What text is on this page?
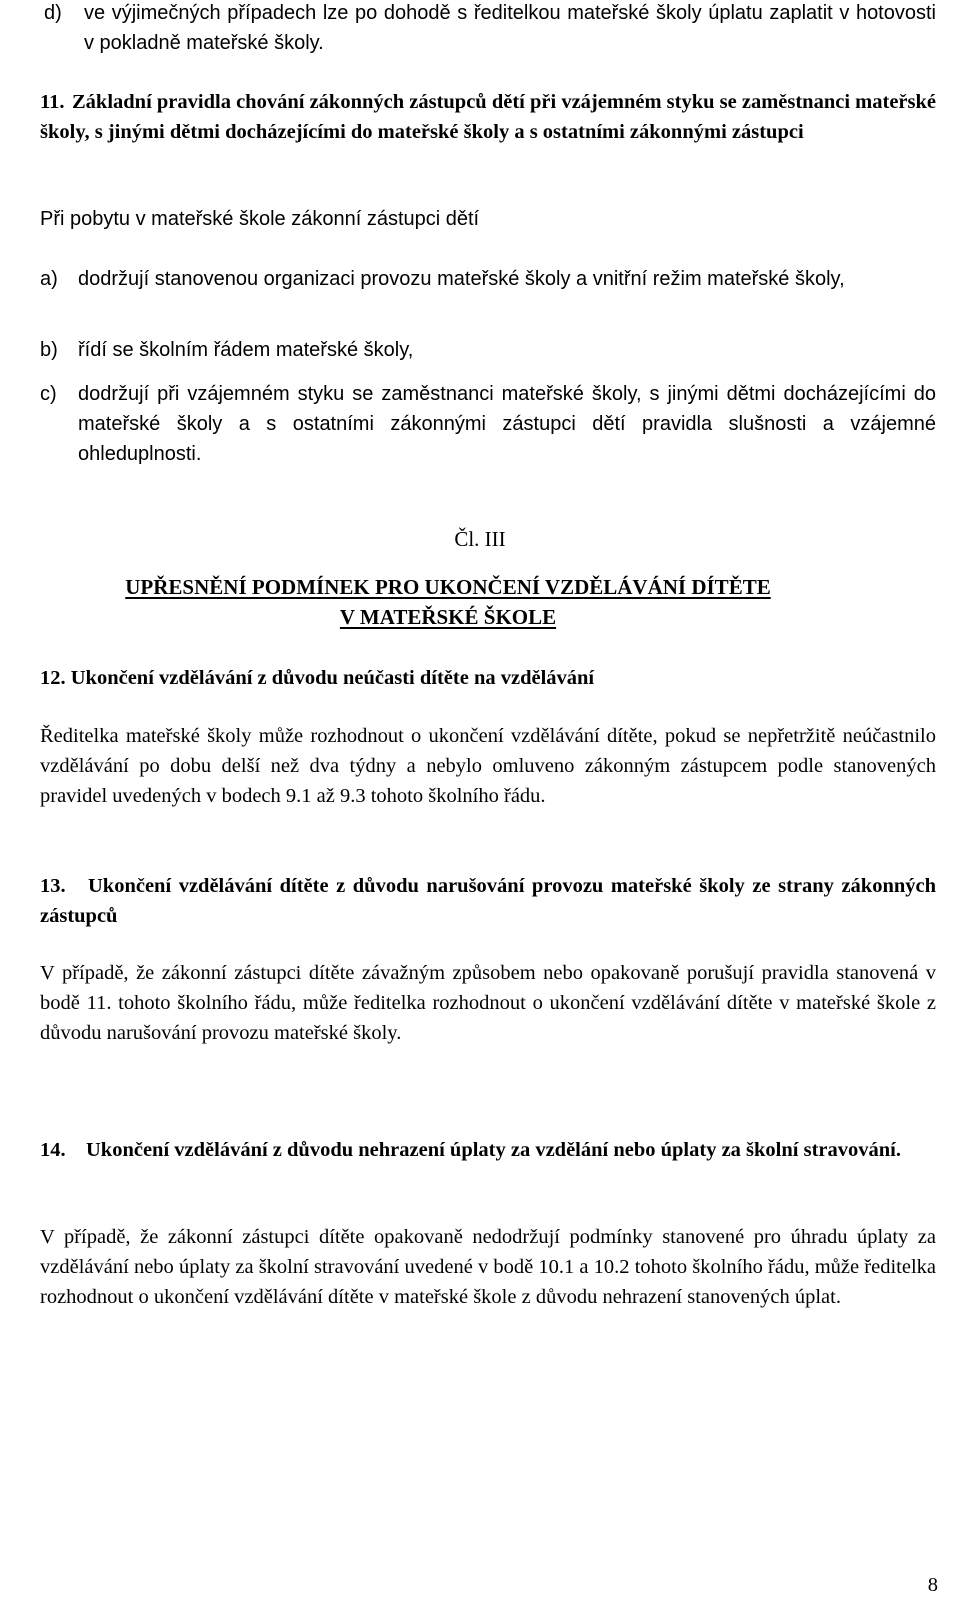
d) ve výjimečných případech lze po dohodě s ředitelkou mateřské školy úplatu zaplatit v hotovosti v pokladně mateřské školy.
11. Základní pravidla chování zákonných zástupců dětí při vzájemném styku se zaměstnanci mateřské školy, s jinými dětmi docházejícími do mateřské školy a s ostatními zákonnými zástupci
Při pobytu v mateřské škole zákonní zástupci dětí
a) dodržují stanovenou organizaci provozu mateřské školy a vnitřní režim mateřské školy,
b) řídí se školním řádem mateřské školy,
c) dodržují při vzájemném styku se zaměstnanci mateřské školy, s jinými dětmi docházejícími do mateřské školy a s ostatními zákonnými zástupci dětí pravidla slušnosti a vzájemné ohleduplnosti.
Čl. III
UPŘESNĚNÍ PODMÍNEK PRO UKONČENÍ VZDĚLÁVÁNÍ DÍTĚTE
V MATEŘSKÉ ŠKOLE
12. Ukončení vzdělávání z důvodu neúčasti dítěte na vzdělávání
Ředitelka mateřské školy může rozhodnout o ukončení vzdělávání dítěte, pokud se nepřetržitě neúčastnilo vzdělávání po dobu delší než dva týdny a nebylo omluveno zákonným zástupcem podle stanovených pravidel uvedených v bodech 9.1 až 9.3 tohoto školního řádu.
13.	Ukončení vzdělávání dítěte z důvodu narušování provozu mateřské školy ze strany zákonných zástupců
V případě, že zákonní zástupci dítěte závažným způsobem nebo opakovaně porušují pravidla stanovená v bodě 11. tohoto školního řádu, může ředitelka rozhodnout o ukončení vzdělávání dítěte v mateřské škole z důvodu narušování provozu mateřské školy.
14. Ukončení vzdělávání z důvodu nehrazení úplaty za vzdělání nebo úplaty za školní stravování.
V případě, že zákonní zástupci dítěte opakovaně nedodržují podmínky stanovené pro úhradu úplaty za vzdělávání nebo úplaty za školní stravování uvedené v bodě 10.1 a 10.2 tohoto školního řádu, může ředitelka rozhodnout o ukončení vzdělávání dítěte v mateřské škole z důvodu nehrazení stanovených úplat.
8
